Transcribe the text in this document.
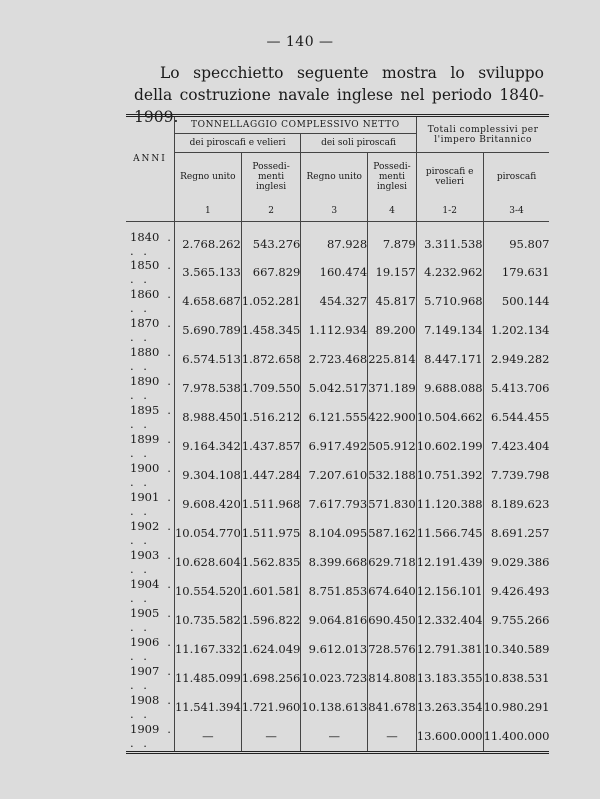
— 140 —
Lo specchietto seguente mostra lo sviluppo della costruzione navale inglese nel periodo 1840-1909.
ANNI	TONNELLAGGIO COMPLESSIVO NETTO				Totali complessivi per l'impero Britannico	
	dei piroscafi e velieri		dei soli piroscafi			
	Regno unito	Possedi-menti inglesi	Regno unito	Possedi-menti inglesi	piroscafi e velieri	piroscafi
	1	2	3	4	1-2	3-4
1840 . . .	2.768.262	543.276	87.928	7.879	3.311.538	95.807
1850 . . .	3.565.133	667.829	160.474	19.157	4.232.962	179.631
1860 . . .	4.658.687	1.052.281	454.327	45.817	5.710.968	500.144
1870 . . .	5.690.789	1.458.345	1.112.934	89.200	7.149.134	1.202.134
1880 . . .	6.574.513	1.872.658	2.723.468	225.814	8.447.171	2.949.282
1890 . . .	7.978.538	1.709.550	5.042.517	371.189	9.688.088	5.413.706
1895 . . .	8.988.450	1.516.212	6.121.555	422.900	10.504.662	6.544.455
1899 . . .	9.164.342	1.437.857	6.917.492	505.912	10.602.199	7.423.404
1900 . . .	9.304.108	1.447.284	7.207.610	532.188	10.751.392	7.739.798
1901 . . .	9.608.420	1.511.968	7.617.793	571.830	11.120.388	8.189.623
1902 . . .	10.054.770	1.511.975	8.104.095	587.162	11.566.745	8.691.257
1903 . . .	10.628.604	1.562.835	8.399.668	629.718	12.191.439	9.029.386
1904 . . .	10.554.520	1.601.581	8.751.853	674.640	12.156.101	9.426.493
1905 . . .	10.735.582	1.596.822	9.064.816	690.450	12.332.404	9.755.266
1906 . . .	11.167.332	1.624.049	9.612.013	728.576	12.791.381	10.340.589
1907 . . .	11.485.099	1.698.256	10.023.723	814.808	13.183.355	10.838.531
1908 . . .	11.541.394	1.721.960	10.138.613	841.678	13.263.354	10.980.291
1909 . . .	—	—	—	—	13.600.000	11.400.000
